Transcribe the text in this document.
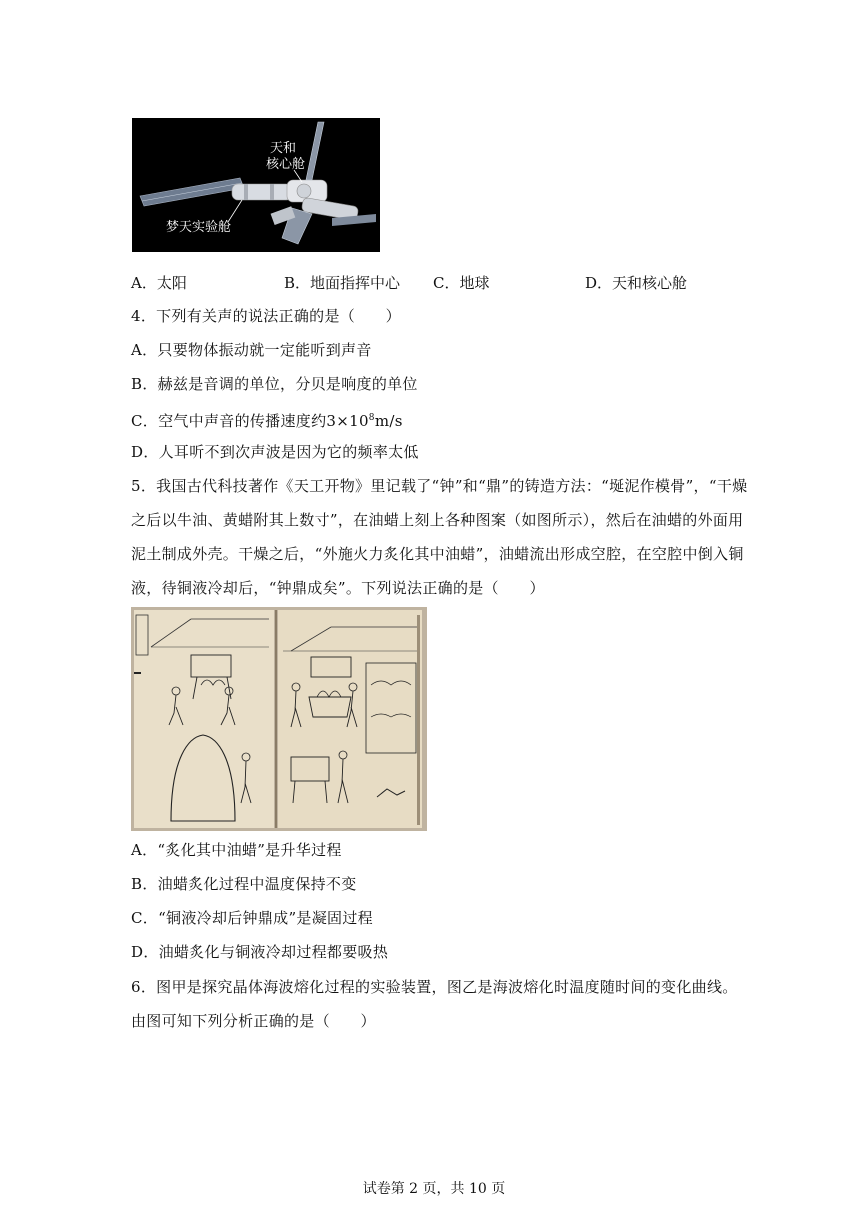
天和
核心舱
梦天实验舱
A．太阳	B．地面指挥中心 C．地球	D．天和核心舱
4．下列有关声的说法正确的是（　　）
A．只要物体振动就一定能听到声音
B．赫兹是音调的单位，分贝是响度的单位
C．空气中声音的传播速度约$3\times 10^8m/s$
D．人耳听不到次声波是因为它的频率太低
5．我国古代科技著作《天工开物》里记载了“钟”和“鼎”的铸造方法：“埏泥作模骨”，“干燥
之后以牛油、黄蜡附其上数寸”，在油蜡上刻上各种图案（如图所示），然后在油蜡的外面用
泥土制成外壳。干燥之后，“外施火力炙化其中油蜡”，油蜡流出形成空腔，在空腔中倒入铜
液，待铜液冷却后，“钟鼎成矣”。下列说法正确的是（　　）
A．“炙化其中油蜡”是升华过程
B．油蜡炙化过程中温度保持不变
C．“铜液冷却后钟鼎成”是凝固过程
D．油蜡炙化与铜液冷却过程都要吸热
6．图甲是探究晶体海波熔化过程的实验装置，图乙是海波熔化时温度随时间的变化曲线。
由图可知下列分析正确的是（　　）
试卷第 2 页，共 10 页
